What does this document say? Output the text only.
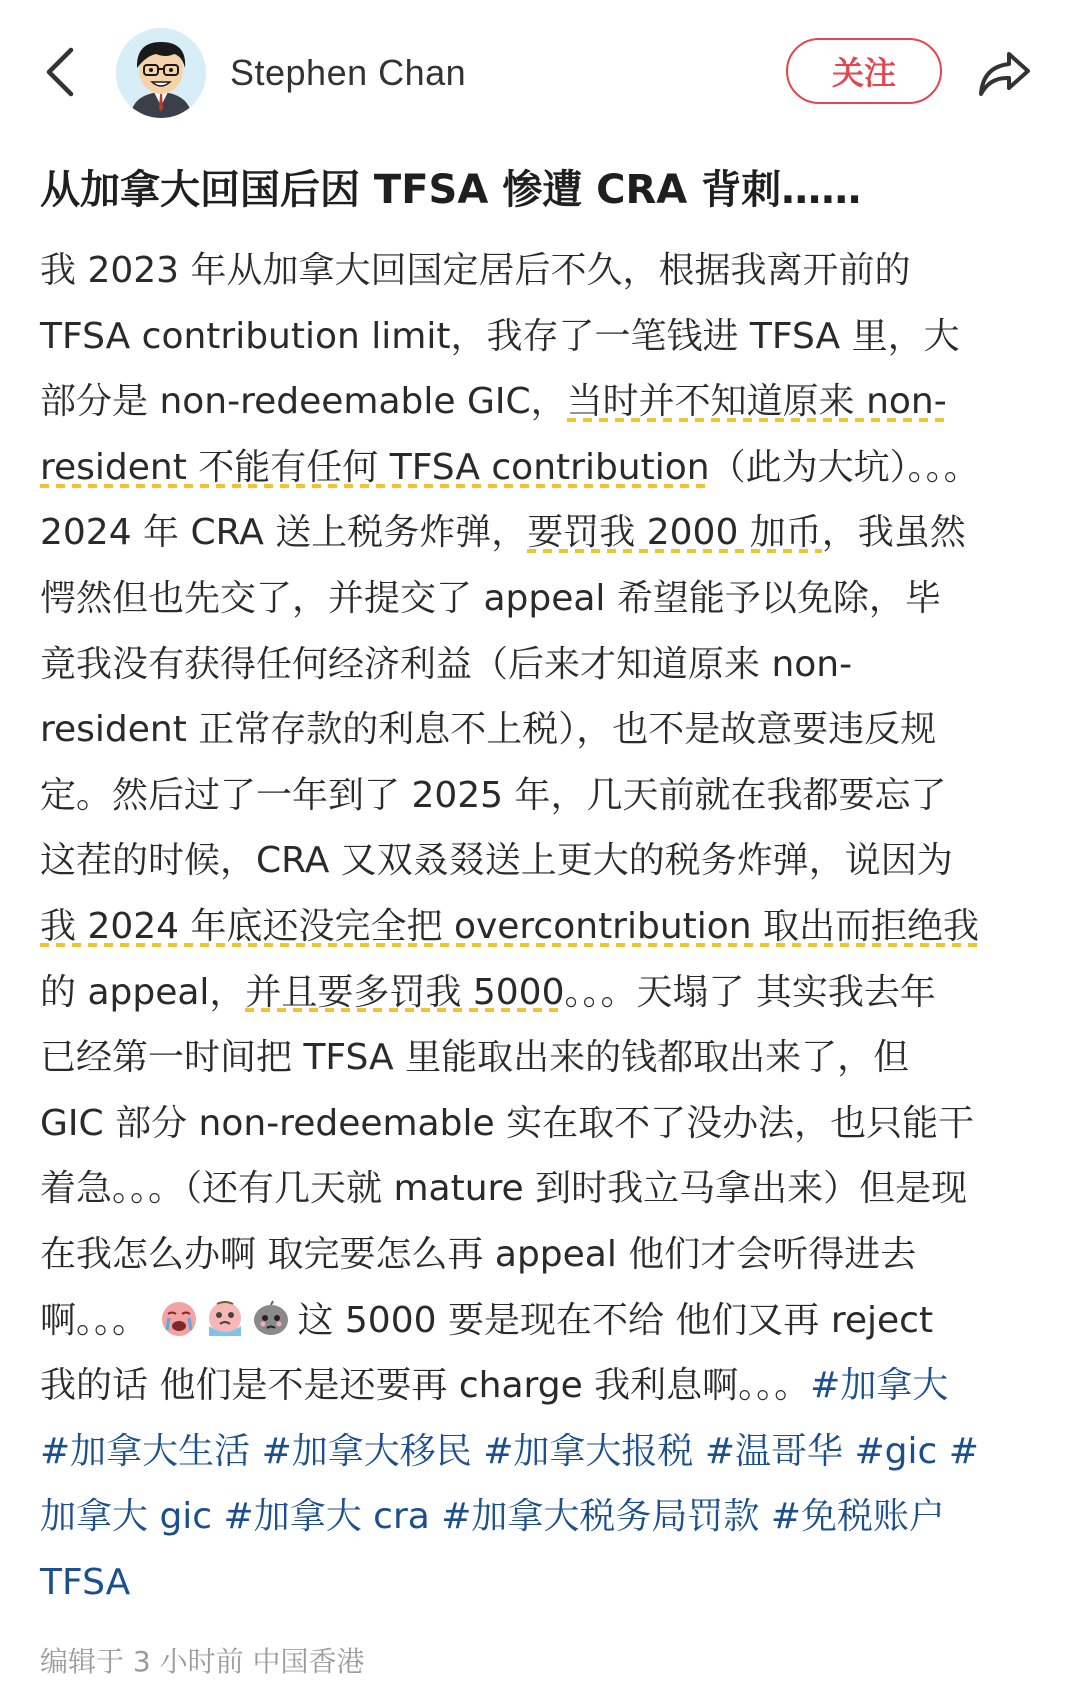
Stephen Chan	关注
从加拿大回国后因 TFSA 惨遭 CRA 背刺……
我 2023 年从加拿大回国定居后不久，根据我离开前的
TFSA contribution limit，我存了一笔钱进 TFSA 里，大
部分是 non-redeemable GIC，当时并不知道原来 non-
resident 不能有任何 TFSA contribution（此为大坑）。。。
2024 年 CRA 送上税务炸弹，要罚我 2000 加币，我虽然
愕然但也先交了，并提交了 appeal 希望能予以免除，毕
竟我没有获得任何经济利益（后来才知道原来 non-
resident 正常存款的利息不上税），也不是故意要违反规
定。然后过了一年到了 2025 年，几天前就在我都要忘了
这茬的时候，CRA 又双叒叕送上更大的税务炸弹，说因为
我 2024 年底还没完全把 overcontribution 取出而拒绝我
的 appeal，并且要多罚我 5000。。。天塌了 其实我去年
已经第一时间把 TFSA 里能取出来的钱都取出来了，但
GIC 部分 non-redeemable 实在取不了没办法，也只能干
着急。。。（还有几天就 mature 到时我立马拿出来）但是现
在我怎么办啊 取完要怎么再 appeal 他们才会听得进去
啊。。。	这 5000 要是现在不给 他们又再 reject
我的话 他们是不是还要再 charge 我利息啊。。。#加拿大
#加拿大生活 #加拿大移民 #加拿大报税 #温哥华 #gic #
加拿大 gic #加拿大 cra #加拿大税务局罚款 #免税账户
TFSA
编辑于 3 小时前 中国香港
